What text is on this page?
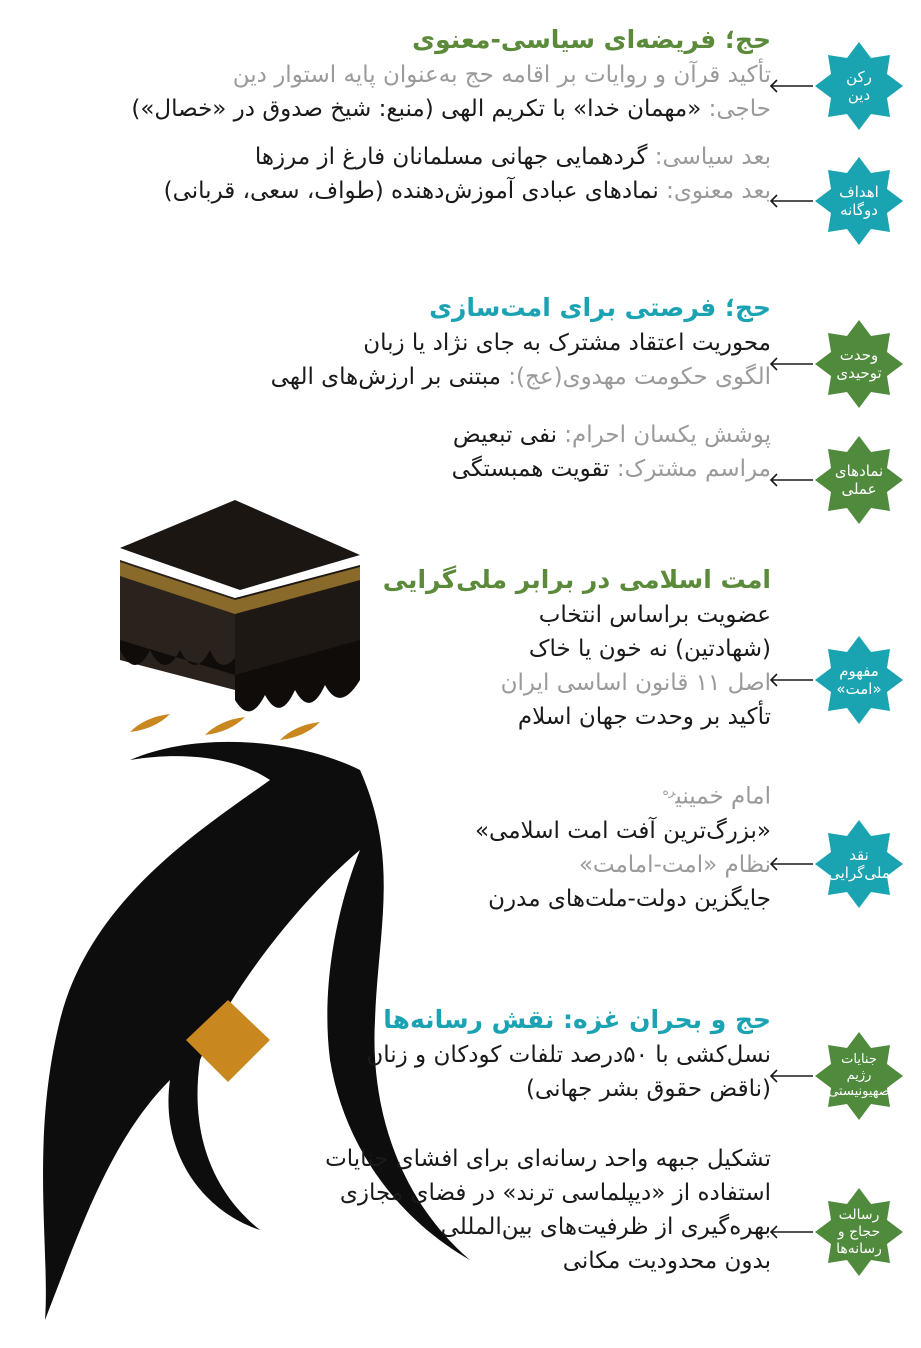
حج؛ فریضه‌ای سیاسی-معنوی
تأکید قرآن و روایات بر اقامه حج به‌عنوان پایه استوار دین
حاجی: «مهمان خدا» با تکریم الهی (منبع: شیخ صدوق در «خصال»)
بعد سیاسی: گردهمایی جهانی مسلمانان فارغ از مرزها
بعد معنوی: نمادهای عبادی آموزش‌دهنده (طواف، سعی، قربانی)
حج؛ فرصتی برای امت‌سازی
محوریت اعتقاد مشترک به جای نژاد یا زبان
الگوی حکومت مهدوی(عج): مبتنی بر ارزش‌های الهی
پوشش یکسان احرام: نفی تبعیض
مراسم مشترک: تقویت همبستگی
امت اسلامی در برابر ملی‌گرایی
عضویت براساس انتخاب
(شهادتین) نه خون یا خاک
اصل ۱۱ قانون اساسی ایران
تأکید بر وحدت جهان اسلام
امام خمینی$^{ره}$
«بزرگ‌ترین آفت امت اسلامی»
نظام «امت-امامت»
جایگزین دولت-ملت‌های مدرن
حج و بحران غزه: نقش رسانه‌ها
نسل‌کشی با ۵۰درصد تلفات کودکان و زنان
(ناقض حقوق بشر جهانی)
تشکیل جبهه واحد رسانه‌ای برای افشای جنایات
استفاده از «دیپلماسی ترند» در فضای مجازی
بهره‌گیری از ظرفیت‌های بین‌المللی
بدون محدودیت مکانی
رکن
دین
اهداف
دوگانه
وحدت
توحیدی
نمادهای
عملی
مفهوم
«امت»
نقد
ملی‌گرایی
جنایات
رژیم
صهیونیستی
رسالت
حجاج و
رسانه‌ها
